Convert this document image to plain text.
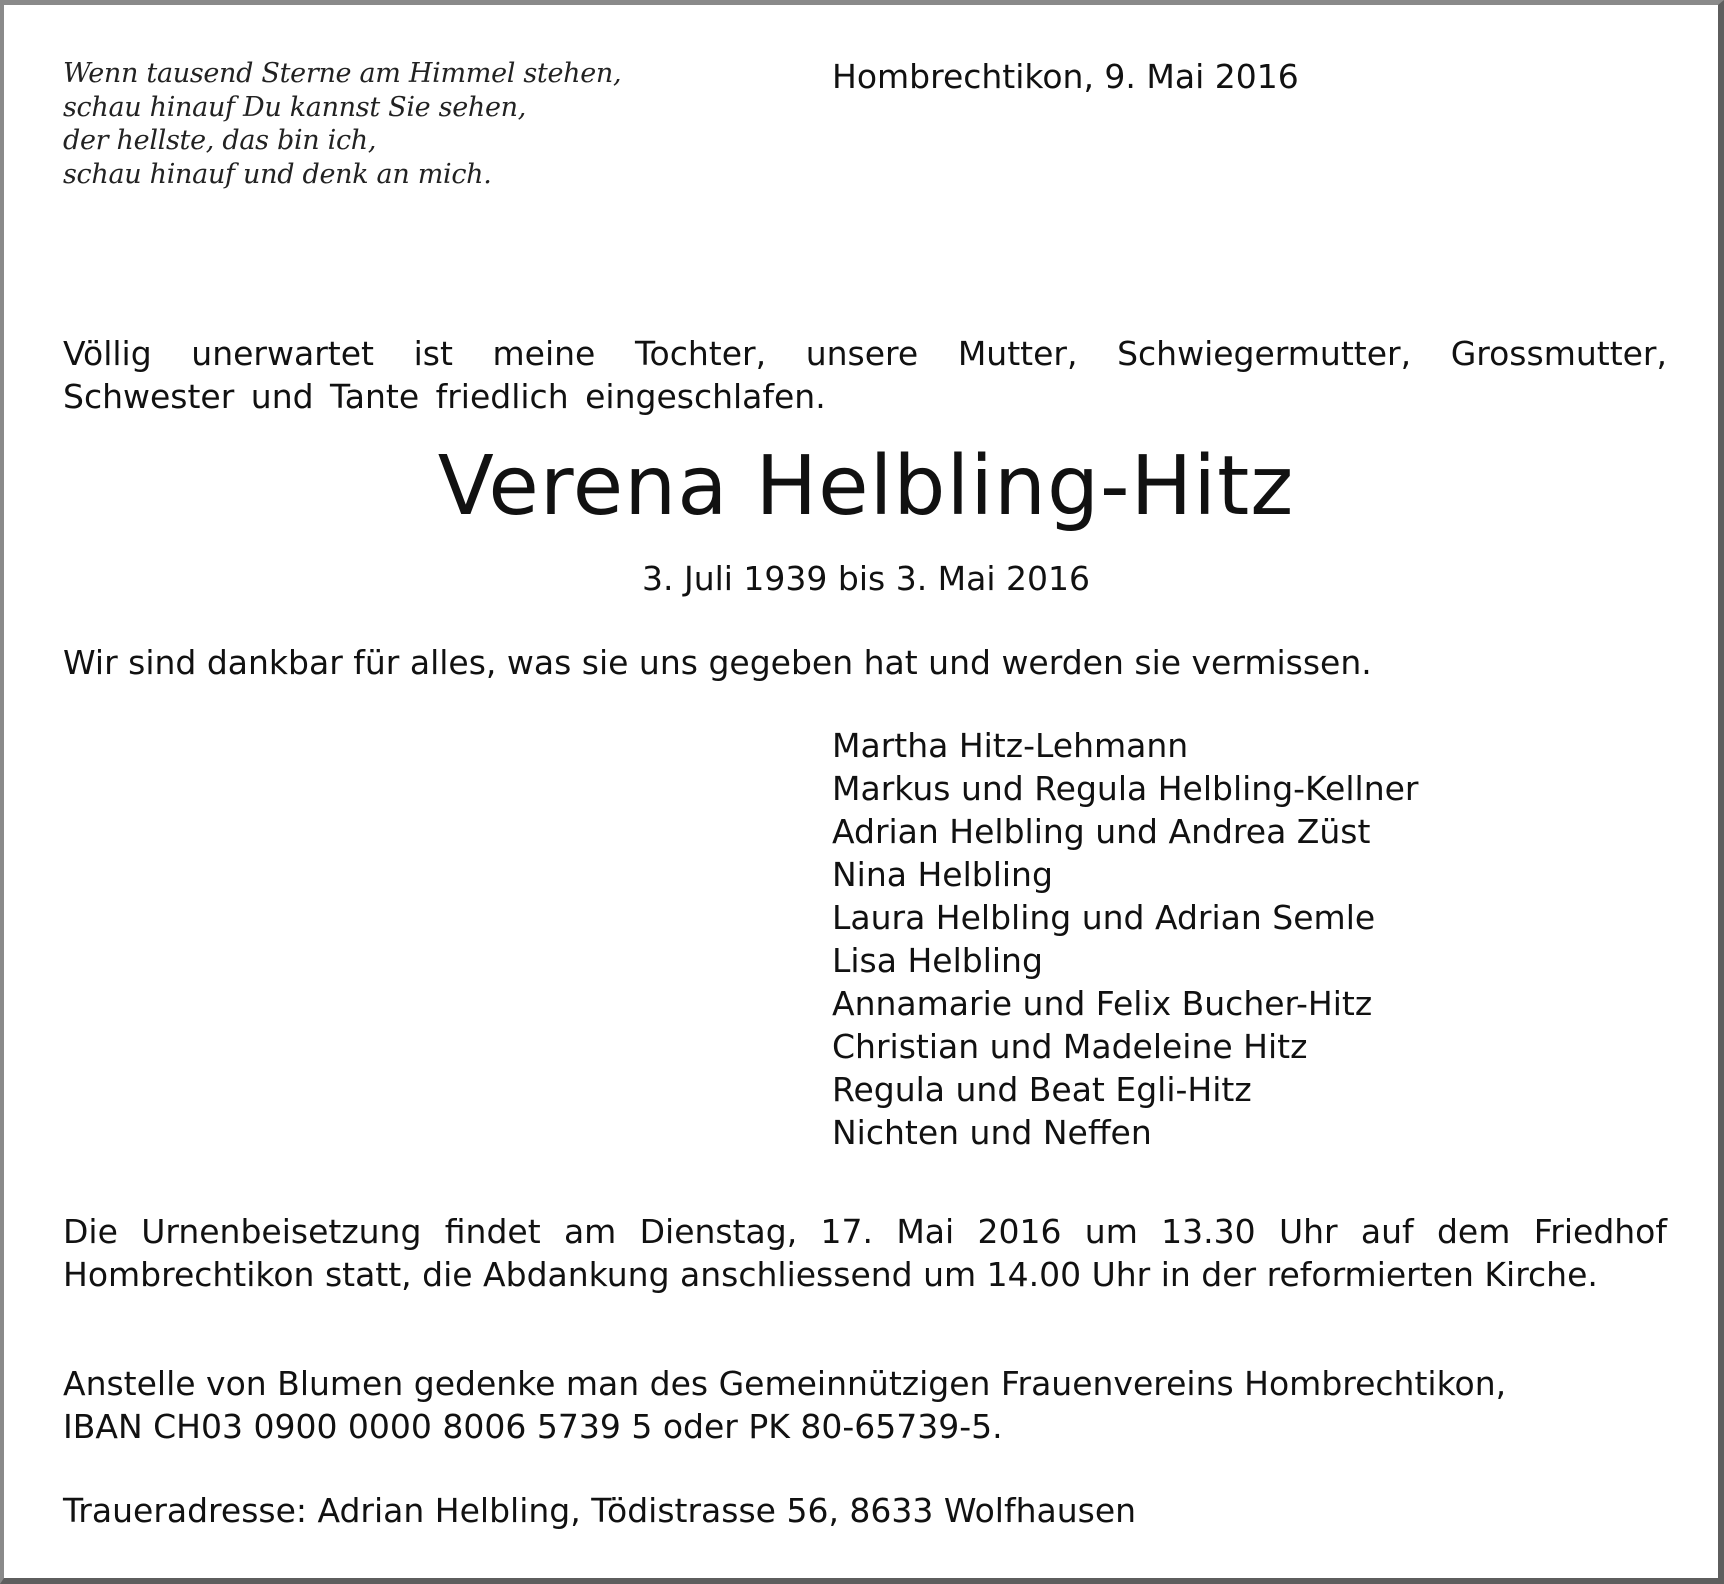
Wenn tausend Sterne am Himmel stehen,
schau hinauf Du kannst Sie sehen,
der hellste, das bin ich,
schau hinauf und denk an mich.
Hombrechtikon, 9. Mai 2016
Völlig unerwartet ist meine Tochter, unsere Mutter, Schwiegermutter, Grossmutter, Schwester und Tante friedlich eingeschlafen.
Verena Helbling-Hitz
3. Juli 1939 bis 3. Mai 2016
Wir sind dankbar für alles, was sie uns gegeben hat und werden sie vermissen.
Martha Hitz-Lehmann
Markus und Regula Helbling-Kellner
Adrian Helbling und Andrea Züst
Nina Helbling
Laura Helbling und Adrian Semle
Lisa Helbling
Annamarie und Felix Bucher-Hitz
Christian und Madeleine Hitz
Regula und Beat Egli-Hitz
Nichten und Neffen
Die Urnenbeisetzung findet am Dienstag, 17. Mai 2016 um 13.30 Uhr auf dem Friedhof Hombrechtikon statt, die Abdankung anschliessend um 14.00 Uhr in der reformierten Kirche.
Anstelle von Blumen gedenke man des Gemeinnützigen Frauenvereins Hombrechtikon,
IBAN CH03 0900 0000 8006 5739 5 oder PK 80-65739-5.
Traueradresse: Adrian Helbling, Tödistrasse 56, 8633 Wolfhausen
